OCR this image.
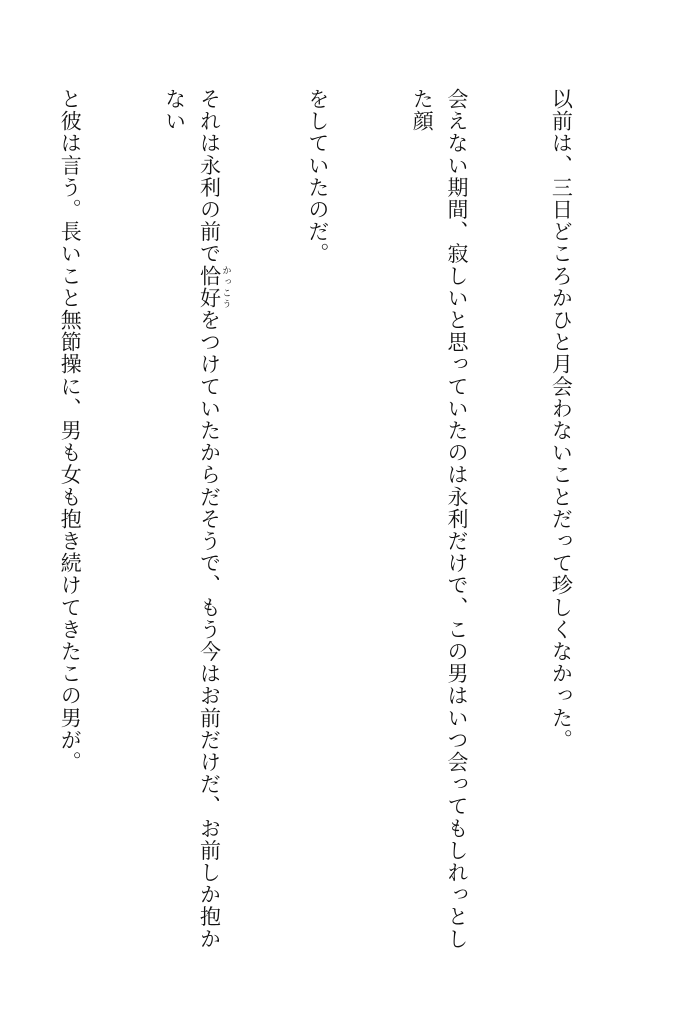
以前は、三日どころかひと月会わないことだって珍しくなかった。

会えない期間、寂しいと思っていたのは永利だけで、この男はいつ会ってもしれっとした顔

をしていたのだ。

それは永利の前で恰好 かっこうをつけていたからだそうで、もう今はお前だけだ、お前しか抱かない

と彼は言う。長いこと無節操に、男も女も抱き続けてきたこの男が。
